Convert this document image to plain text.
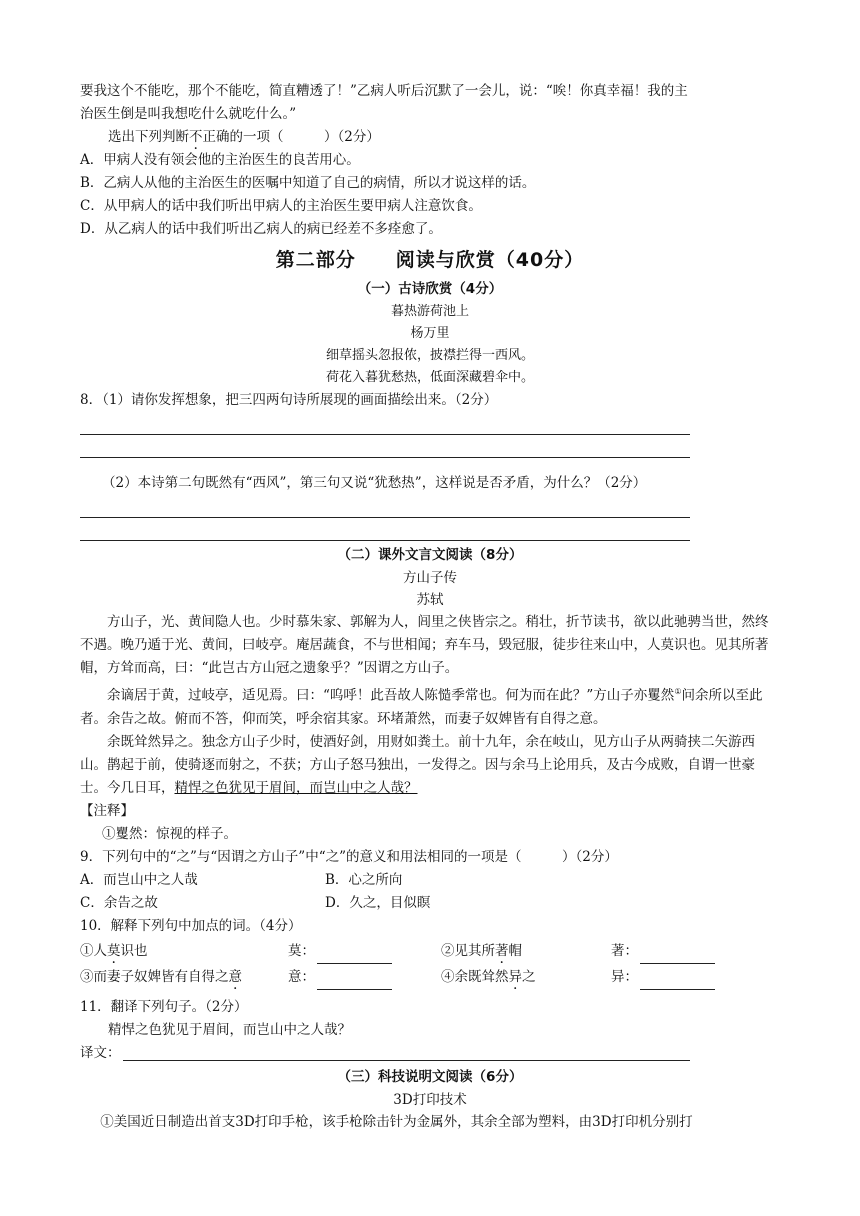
要我这个不能吃，那个不能吃，简直糟透了！”乙病人听后沉默了一会儿，说：“唉！你真幸福！我的主

治医生倒是叫我想吃什么就吃什么。”

选出下列判断不正确的一项（　　　）（2分）

A．甲病人没有领会他的主治医生的良苦用心。

B．乙病人从他的主治医生的医嘱中知道了自己的病情，所以才说这样的话。

C．从甲病人的话中我们听出甲病人的主治医生要甲病人注意饮食。

D．从乙病人的话中我们听出乙病人的病已经差不多痊愈了。

第二部分　　阅读与欣赏（40分）
（一）古诗欣赏（4分）
暮热游荷池上
杨万里
细草摇头忽报侬，披襟拦得一西风。
荷花入暮犹愁热，低面深藏碧伞中。

8．（1）请你发挥想象，把三四两句诗所展现的画面描绘出来。（2分）

（2）本诗第二句既然有“西风”，第三句又说“犹愁热”，这样说是否矛盾，为什么？（2分）

（二）课外文言文阅读（8分）
方山子传
苏轼

方山子，光、黄间隐人也。少时慕朱家、郭解为人，闾里之侠皆宗之。稍壮，折节读书，欲以此驰骋当世，然终不遇。晚乃遁于光、黄间，曰岐亭。庵居蔬食，不与世相闻；弃车马，毁冠服，徒步往来山中，人莫识也。见其所著帽，方耸而高，曰：“此岂古方山冠之遗象乎？”因谓之方山子。

余谪居于黄，过岐亭，适见焉。曰：“呜呼！此吾故人陈慥季常也。何为而在此？”方山子亦矍然①问余所以至此者。余告之故。俯而不答，仰而笑，呼余宿其家。环堵萧然，而妻子奴婢皆有自得之意。

余既耸然异之。独念方山子少时，使酒好剑，用财如粪土。前十九年，余在岐山，见方山子从两骑挟二矢游西山。鹊起于前，使骑逐而射之，不获；方山子怒马独出，一发得之。因与余马上论用兵，及古今成败，自谓一世豪士。今几日耳，精悍之色犹见于眉间，而岂山中之人哉？

【注释】

①矍然：惊视的样子。

9．下列句中的“之”与“因谓之方山子”中“之”的意义和用法相同的一项是（　　　）（2分）

A．而岂山中之人哉	B．心之所向
C．余告之故	D．久之，目似瞑

10．解释下列句中加点的词。（4分）

①人莫识也	莫：	②见其所著帽	著：
③而妻子奴婢皆有自得之意	意：	④余既耸然异之	异：

11．翻译下列句子。（2分）

精悍之色犹见于眉间，而岂山中之人哉？

译文：
（三）科技说明文阅读（6分）
3D打印技术

①美国近日制造出首支3D打印手枪，该手枪除击针为金属外，其余全部为塑料，由3D打印机分别打
